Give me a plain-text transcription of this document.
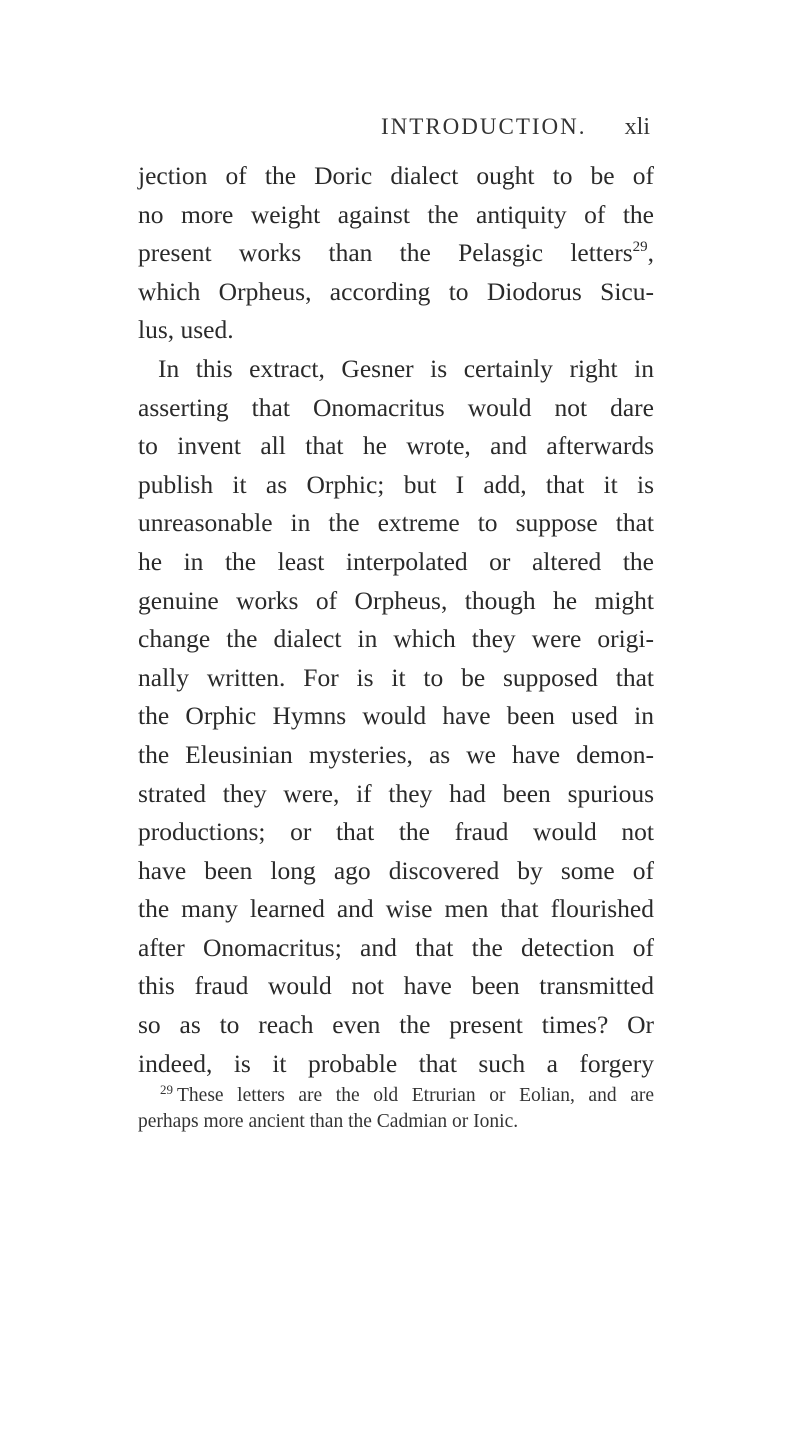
INTRODUCTION. xli
jection of the Doric dialect ought to be of
no more weight against the antiquity of the
present works than the Pelasgic letters$^{29}$,
which Orpheus, according to Diodorus Sicu-
lus, used.
In this extract, Gesner is certainly right in
asserting that Onomacritus would not dare
to invent all that he wrote, and afterwards
publish it as Orphic; but I add, that it is
unreasonable in the extreme to suppose that
he in the least interpolated or altered the
genuine works of Orpheus, though he might
change the dialect in which they were origi-
nally written. For is it to be supposed that
the Orphic Hymns would have been used in
the Eleusinian mysteries, as we have demon-
strated they were, if they had been spurious
productions; or that the fraud would not
have been long ago discovered by some of
the many learned and wise men that flourished
after Onomacritus; and that the detection of
this fraud would not have been transmitted
so as to reach even the present times? Or
indeed, is it probable that such a forgery
$^{29}$ These letters are the old Etrurian or Eolian, and are
perhaps more ancient than the Cadmian or Ionic.
